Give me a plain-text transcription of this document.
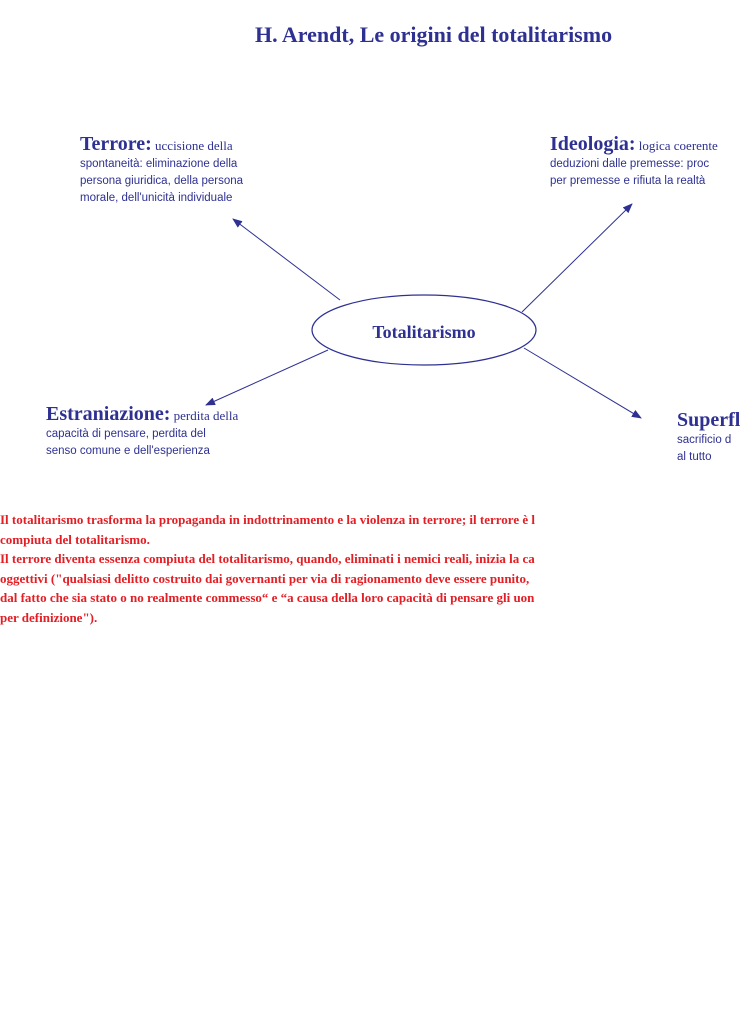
H. Arendt, Le origini del totalitarismo
Totalitarismo
Terrore: uccisione della
spontaneità: eliminazione della
persona giuridica, della persona
morale, dell'unicità individuale
Ideologia: logica coerente
deduzioni dalle premesse: proc
per premesse e rifiuta la realtà
Estraniazione: perdita della
capacità di pensare, perdita del
senso comune e dell'esperienza
Superfl
sacrificio d
al tutto
Il totalitarismo trasforma la propaganda in indottrinamento e la violenza in terrore; il terrore è l
compiuta del totalitarismo.
Il terrore diventa essenza compiuta del totalitarismo, quando, eliminati i nemici reali, inizia la ca
oggettivi ("qualsiasi delitto costruito dai governanti per via di ragionamento deve essere punito,
dal fatto che sia stato o no realmente commesso“ e “a causa della loro capacità di pensare gli uon
per definizione").
